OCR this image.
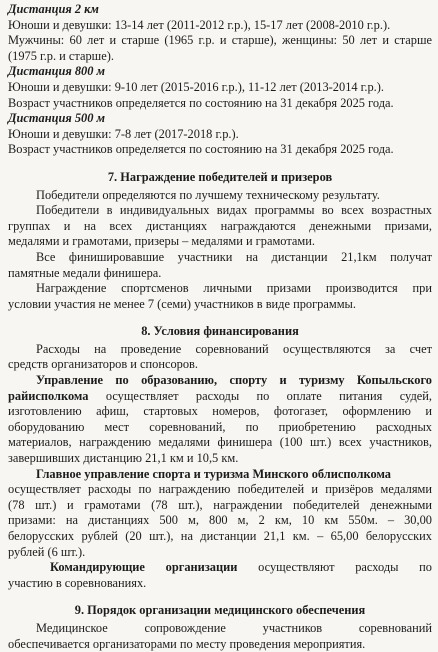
Дистанция 2 км

Юноши и девушки: 13-14 лет (2011-2012 г.р.), 15-17 лет (2008-2010 г.р.).

Мужчины: 60 лет и старше (1965 г.р. и старше), женщины: 50 лет и старше

(1975 г.р. и старше).

Дистанция 800 м

Юноши и девушки: 9-10 лет (2015-2016 г.р.), 11-12 лет (2013-2014 г.р.).

Возраст участников определяется по состоянию на 31 декабря 2025 года.

Дистанция 500 м

Юноши и девушки: 7-8 лет (2017-2018 г.р.).

Возраст участников определяется по состоянию на 31 декабря 2025 года.

7. Награждение победителей и призеров

Победители определяются по лучшему техническому результату.

Победители в индивидуальных видах программы во всех возрастных

группах и на всех дистанциях награждаются денежными призами,

медалями и грамотами, призеры – медалями и грамотами.

Все финишировавшие участники на дистанции 21,1км получат

памятные медали финишера.

Награждение спортсменов личными призами производится при

условии участия не менее 7 (семи) участников в виде программы.

8. Условия финансирования

Расходы на проведение соревнований осуществляются за счет

средств организаторов и спонсоров.

Управление по образованию, спорту и туризму Копыльского

райисполкома осуществляет расходы по оплате питания судей,

изготовлению афиш, стартовых номеров, фотогазет, оформлению и

оборудованию мест соревнований, по приобретению расходных

материалов, награждению медалями финишера (100 шт.) всех участников,

завершивших дистанцию 21,1 км и 10,5 км.

Главное управление спорта и туризма Минского облисполкома

осуществляет расходы по награждению победителей и призёров медалями

(78 шт.) и грамотами (78 шт.), награждении победителей денежными

призами: на дистанциях 500 м, 800 м, 2 км, 10 км 550м. – 30,00

белорусских рублей (20 шт.), на дистанции 21,1 км. – 65,00 белорусских

рублей (6 шт.).

Командирующие организации осуществляют расходы по

участию в соревнованиях.

9. Порядок организации медицинского обеспечения

Медицинское сопровождение участников соревнований

обеспечивается организаторами по месту проведения мероприятия.
